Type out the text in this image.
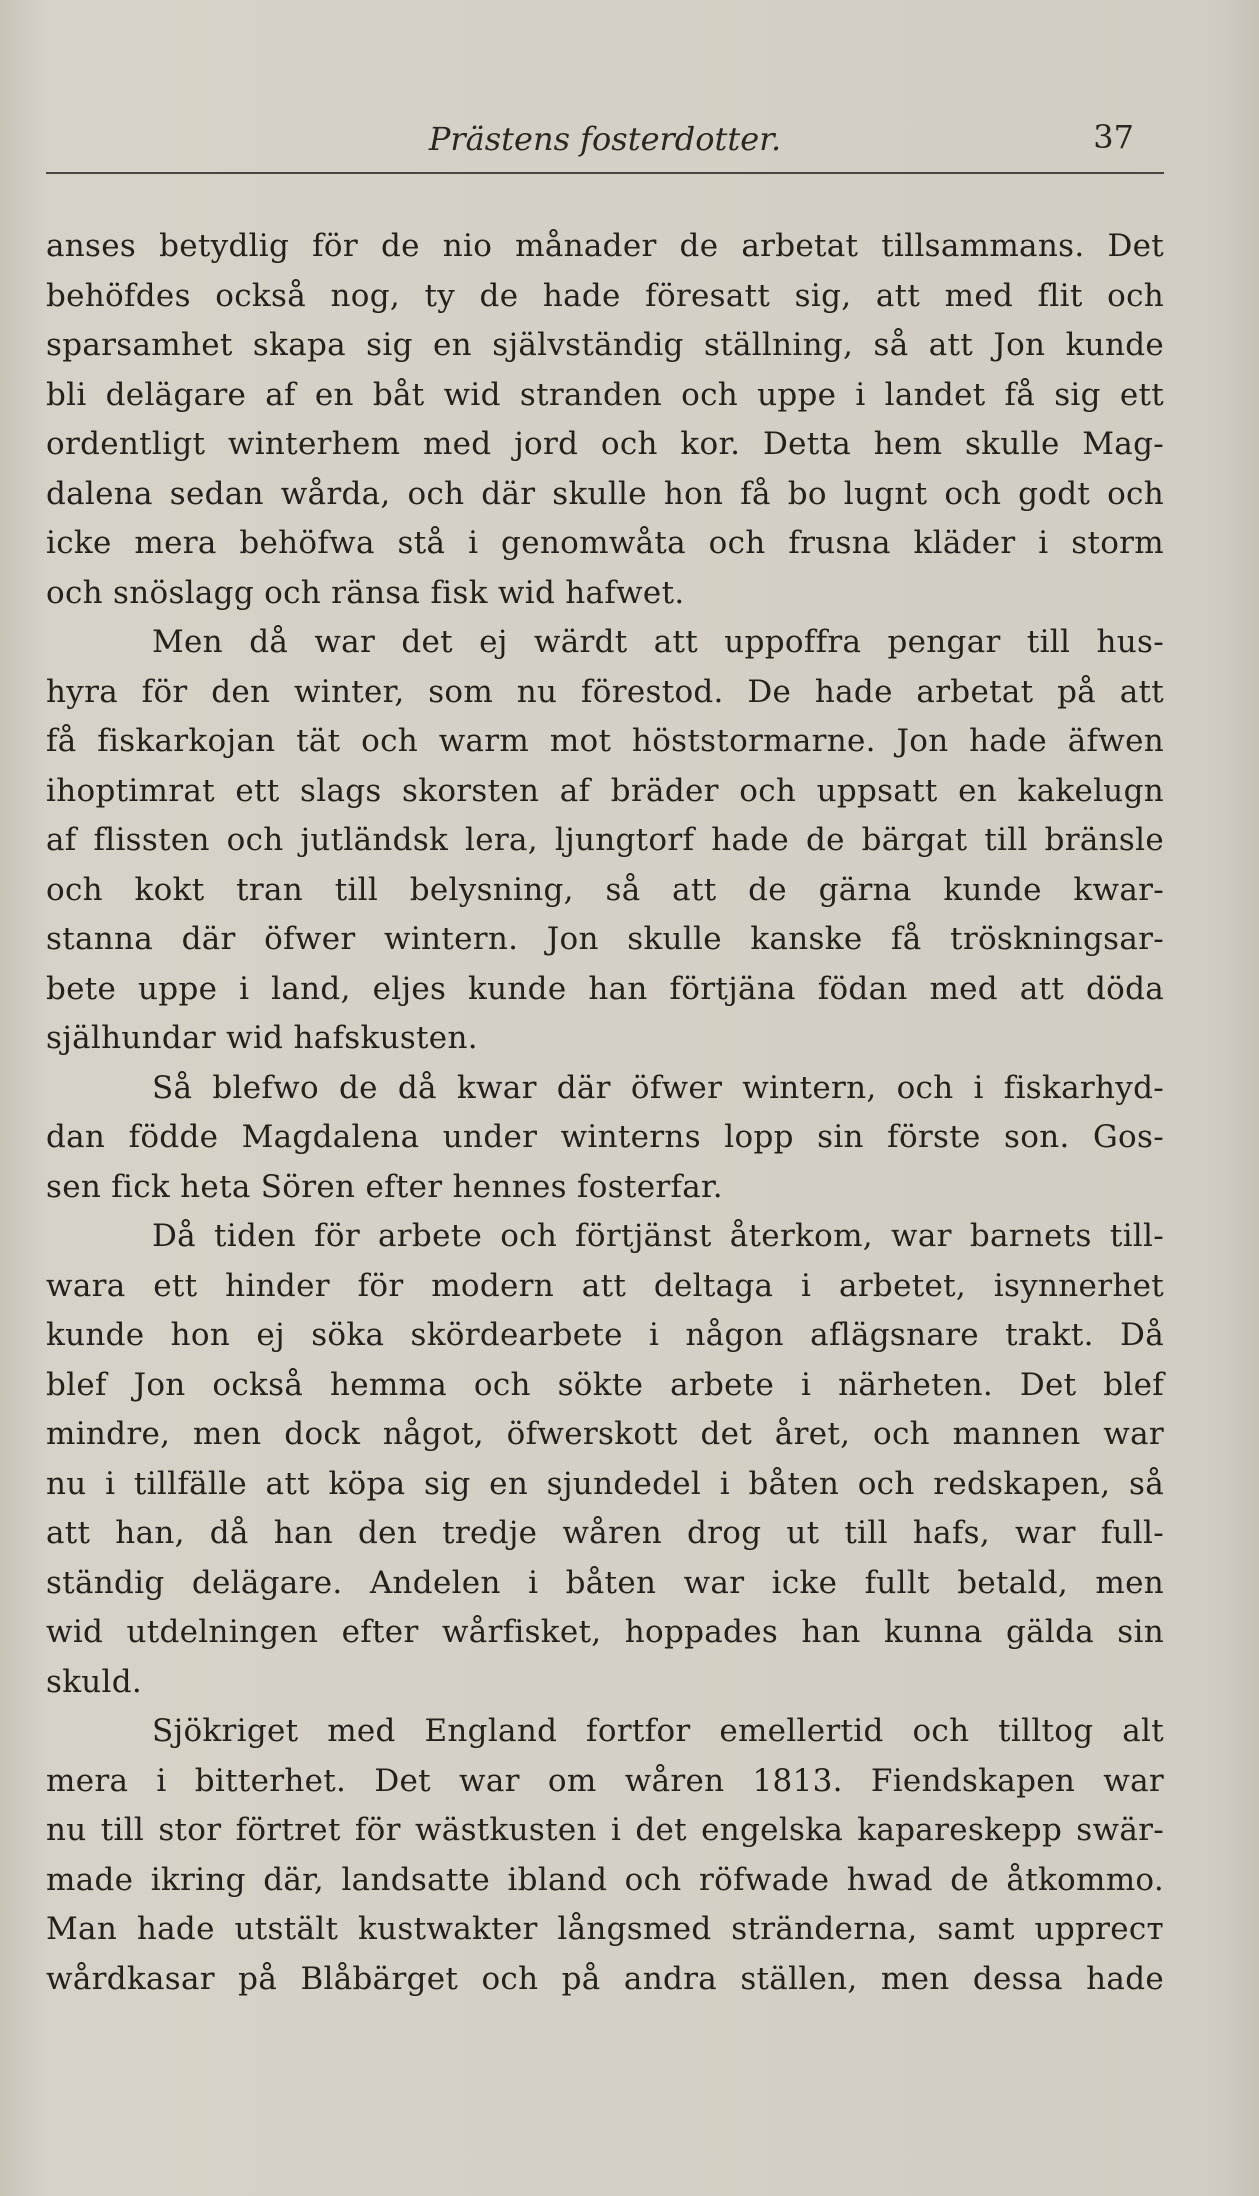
Prästens fosterdotter.	37
anses betydlig för de nio månader de arbetat tillsammans. Det
behöfdes också nog, ty de hade föresatt sig, att med flit och
sparsamhet skapa sig en självständig ställning, så att Jon kunde
bli delägare af en båt wid stranden och uppe i landet få sig ett
ordentligt winterhem med jord och kor. Detta hem skulle Mag-
dalena sedan wårda, och där skulle hon få bo lugnt och godt och
icke mera behöfwa stå i genomwåta och frusna kläder i storm
och snöslagg och ränsa fisk wid hafwet.
Men då war det ej wärdt att uppoffra pengar till hus-
hyra för den winter, som nu förestod. De hade arbetat på att
få fiskarkojan tät och warm mot höststormarne. Jon hade äfwen
ihoptimrat ett slags skorsten af bräder och uppsatt en kakelugn
af flissten och jutländsk lera, ljungtorf hade de bärgat till bränsle
och kokt tran till belysning, så att de gärna kunde kwar-
stanna där öfwer wintern. Jon skulle kanske få tröskningsar-
bete uppe i land, eljes kunde han förtjäna födan med att döda
själhundar wid hafskusten.
Så blefwo de då kwar där öfwer wintern, och i fiskarhyd-
dan födde Magdalena under winterns lopp sin förste son. Gos-
sen fick heta Sören efter hennes fosterfar.
Då tiden för arbete och förtjänst återkom, war barnets till-
wara ett hinder för modern att deltaga i arbetet, isynnerhet
kunde hon ej söka skördearbete i någon aflägsnare trakt. Då
blef Jon också hemma och sökte arbete i närheten. Det blef
mindre, men dock något, öfwerskott det året, och mannen war
nu i tillfälle att köpa sig en sjundedel i båten och redskapen, så
att han, då han den tredje wåren drog ut till hafs, war full-
ständig delägare. Andelen i båten war icke fullt betald, men
wid utdelningen efter wårfisket, hoppades han kunna gälda sin
skuld.
Sjökriget med England fortfor emellertid och tilltog alt
mera i bitterhet. Det war om wåren 1813. Fiendskapen war
nu till stor förtret för wästkusten i det engelska kapareskepp swär-
made ikring där, landsatte ibland och röfwade hwad de åtkommo.
Man hade utstält kustwakter långsmed stränderna, samt uppreст
wårdkasar på Blåbärget och på andra ställen, men dessa hade
